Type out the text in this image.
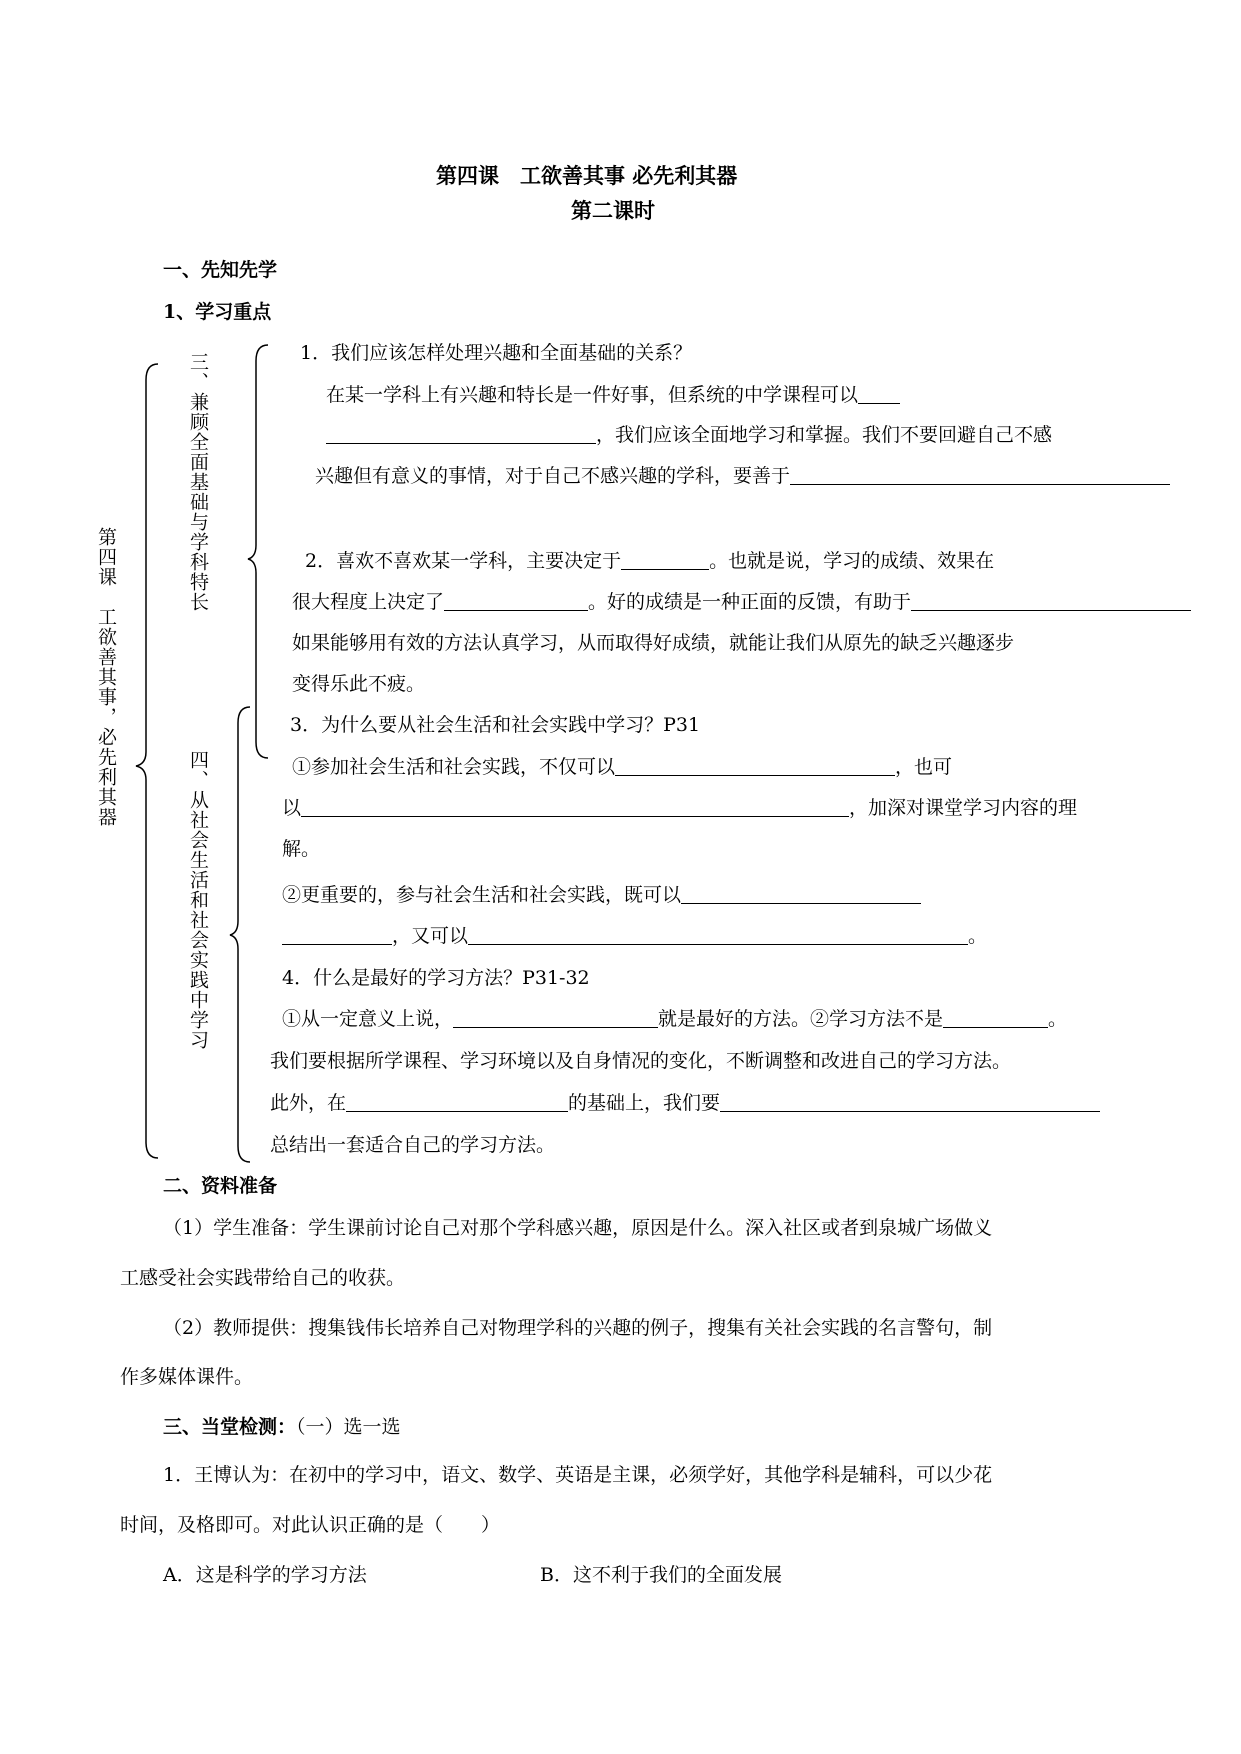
第四课　工欲善其事 必先利其器
第二课时
一、先知先学
1、学习重点
第四课　工欲善其事，必先利其器
三、兼顾全面基础与学科特长
四、从社会生活和社会实践中学习
1．我们应该怎样处理兴趣和全面基础的关系？
在某一学科上有兴趣和特长是一件好事，但系统的中学课程可以
，我们应该全面地学习和掌握。我们不要回避自己不感
兴趣但有意义的事情，对于自己不感兴趣的学科，要善于
2．喜欢不喜欢某一学科，主要决定于	。也就是说，学习的成绩、效果在
很大程度上决定了	。好的成绩是一种正面的反馈，有助于
如果能够用有效的方法认真学习，从而取得好成绩，就能让我们从原先的缺乏兴趣逐步
变得乐此不疲。
3．为什么要从社会生活和社会实践中学习？P31
①参加社会生活和社会实践，不仅可以	，也可
以	，加深对课堂学习内容的理
解。
②更重要的，参与社会生活和社会实践，既可以
，又可以	。
4．什么是最好的学习方法？P31-32
①从一定意义上说，	就是最好的方法。②学习方法不是	。
我们要根据所学课程、学习环境以及自身情况的变化，不断调整和改进自己的学习方法。
此外，在	的基础上，我们要
总结出一套适合自己的学习方法。
二、资料准备
（1）学生准备：学生课前讨论自己对那个学科感兴趣，原因是什么。深入社区或者到泉城广场做义
工感受社会实践带给自己的收获。
（2）教师提供：搜集钱伟长培养自己对物理学科的兴趣的例子，搜集有关社会实践的名言警句，制
作多媒体课件。
三、当堂检测：（一）选一选
1．王博认为：在初中的学习中，语文、数学、英语是主课，必须学好，其他学科是辅科，可以少花
时间，及格即可。对此认识正确的是（　　）
A．这是科学的学习方法	B．这不利于我们的全面发展
